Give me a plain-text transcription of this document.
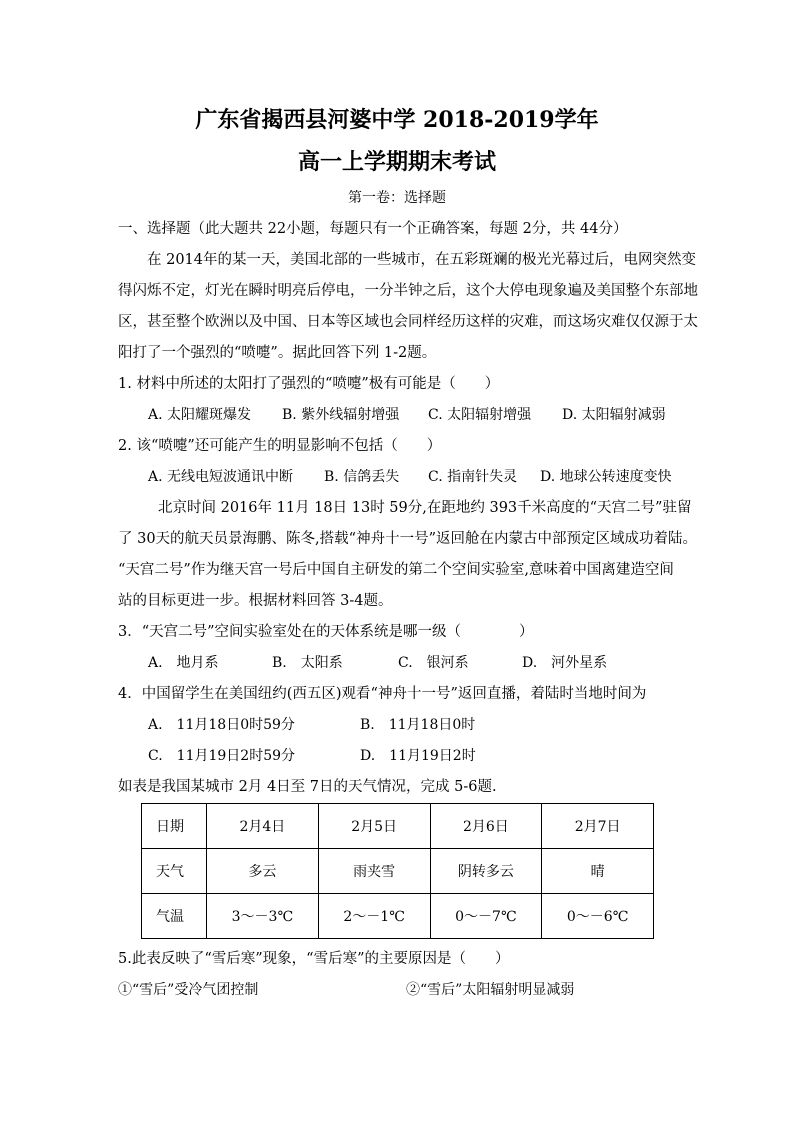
广东省揭西县河婆中学 2018-2019学年
高一上学期期末考试
第一卷：选择题
一、选择题（此大题共 22小题，每题只有一个正确答案，每题 2分，共 44分）
在 2014年的某一天，美国北部的一些城市，在五彩斑斓的极光光幕过后，电网突然变
得闪烁不定，灯光在瞬时明亮后停电，一分半钟之后，这个大停电现象遍及美国整个东部地
区，甚至整个欧洲以及中国、日本等区域也会同样经历这样的灾难，而这场灾难仅仅源于太
阳打了一个强烈的“喷嚏”。据此回答下列 1-2题。
1. 材料中所述的太阳打了强烈的“喷嚏”极有可能是（　　）
A. 太阳耀斑爆发 B. 紫外线辐射增强 C. 太阳辐射增强 D. 太阳辐射减弱
2. 该“喷嚏”还可能产生的明显影响不包括（　　）
A. 无线电短波通讯中断 B. 信鸽丢失 C. 指南针失灵 D. 地球公转速度变快
北京时间 2016年 11月 18日 13时 59分,在距地约 393千米高度的“天宫二号”驻留
了 30天的航天员景海鹏、陈冬,搭载“神舟十一号”返回舱在内蒙古中部预定区域成功着陆。
“天宫二号”作为继天宫一号后中国自主研发的第二个空间实验室,意味着中国离建造空间
站的目标更进一步。根据材料回答 3-4题。
3．“天宫二号”空间实验室处在的天体系统是哪一级（　　　　）
A.　地月系	B.　太阳系	C.　银河系	D.　河外星系
4．中国留学生在美国纽约(西五区)观看“神舟十一号”返回直播，着陆时当地时间为
A.　11月18日0时59分	B.　11月18日0时
C.　11月19日2时59分	D.　11月19日2时
如表是我国某城市 2月 4日至 7日的天气情况，完成 5-6题.
日期	2月4日	2月5日	2月6日	2月7日
天气	多云	雨夹雪	阴转多云	晴
气温	3～－3℃	2～－1℃	0～－7℃	0～－6℃
5.此表反映了“雪后寒”现象，“雪后寒”的主要原因是（　　）
①“雪后”受冷气团控制	②“雪后”太阳辐射明显减弱
